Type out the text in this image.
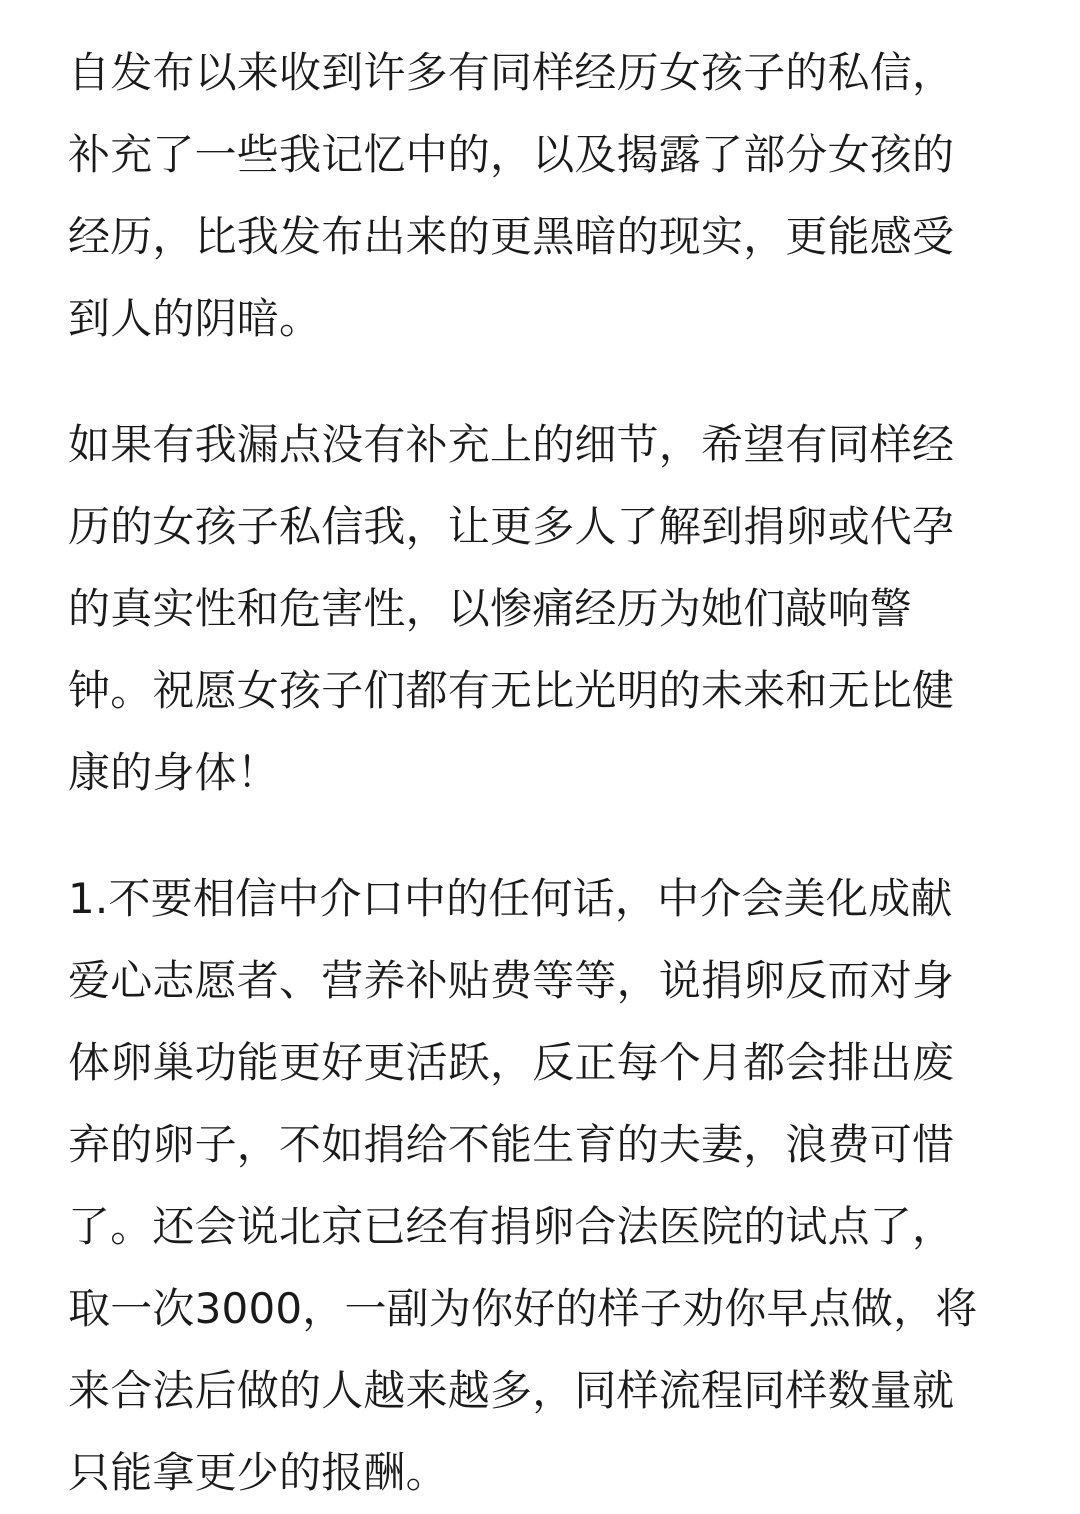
自发布以来收到许多有同样经历女孩子的私信，
补充了一些我记忆中的，以及揭露了部分女孩的
经历，比我发布出来的更黑暗的现实，更能感受
到人的阴暗。
如果有我漏点没有补充上的细节，希望有同样经
历的女孩子私信我，让更多人了解到捐卵或代孕
的真实性和危害性，以惨痛经历为她们敲响警
钟。祝愿女孩子们都有无比光明的未来和无比健
康的身体！
1.不要相信中介口中的任何话，中介会美化成献
爱心志愿者、营养补贴费等等，说捐卵反而对身
体卵巢功能更好更活跃，反正每个月都会排出废
弃的卵子，不如捐给不能生育的夫妻，浪费可惜
了。还会说北京已经有捐卵合法医院的试点了，
取一次3000，一副为你好的样子劝你早点做，将
来合法后做的人越来越多，同样流程同样数量就
只能拿更少的报酬。
